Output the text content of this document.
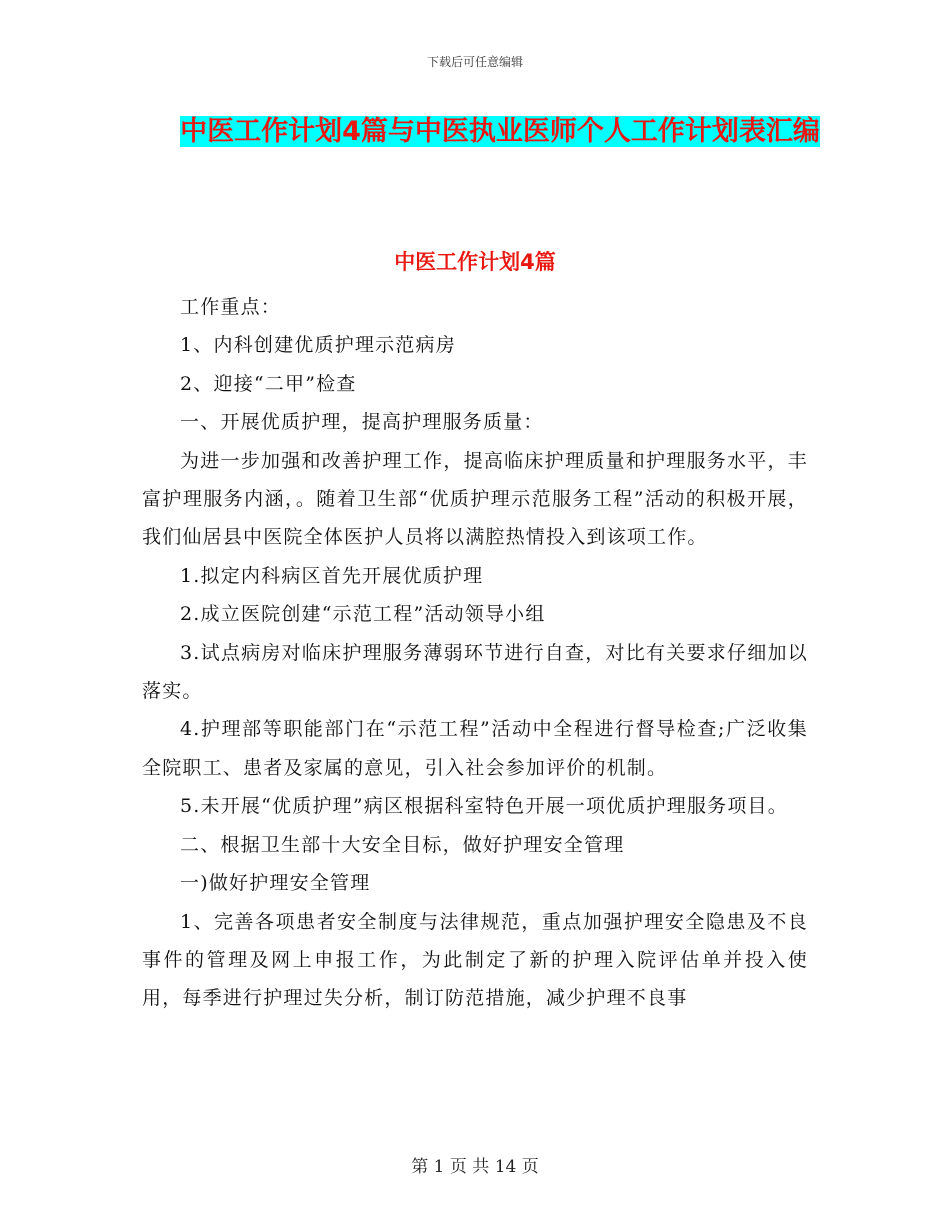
下载后可任意编辑
中医工作计划4篇与中医执业医师个人工作计划表汇编
中医工作计划4篇

工作重点：

1、内科创建优质护理示范病房

2、迎接“二甲”检查

一、开展优质护理，提高护理服务质量：

为进一步加强和改善护理工作，提高临床护理质量和护理服务水平，丰富护理服务内涵，。随着卫生部“优质护理示范服务工程”活动的积极开展，我们仙居县中医院全体医护人员将以满腔热情投入到该项工作。

1.拟定内科病区首先开展优质护理

2.成立医院创建“示范工程”活动领导小组

3.试点病房对临床护理服务薄弱环节进行自查，对比有关要求仔细加以落实。

4.护理部等职能部门在“示范工程”活动中全程进行督导检查;广泛收集全院职工、患者及家属的意见，引入社会参加评价的机制。

5.未开展“优质护理”病区根据科室特色开展一项优质护理服务项目。

二、根据卫生部十大安全目标，做好护理安全管理

一)做好护理安全管理

1、完善各项患者安全制度与法律规范，重点加强护理安全隐患及不良事件的管理及网上申报工作，为此制定了新的护理入院评估单并投入使用，每季进行护理过失分析，制订防范措施，减少护理不良事

第 1 页 共 14 页
